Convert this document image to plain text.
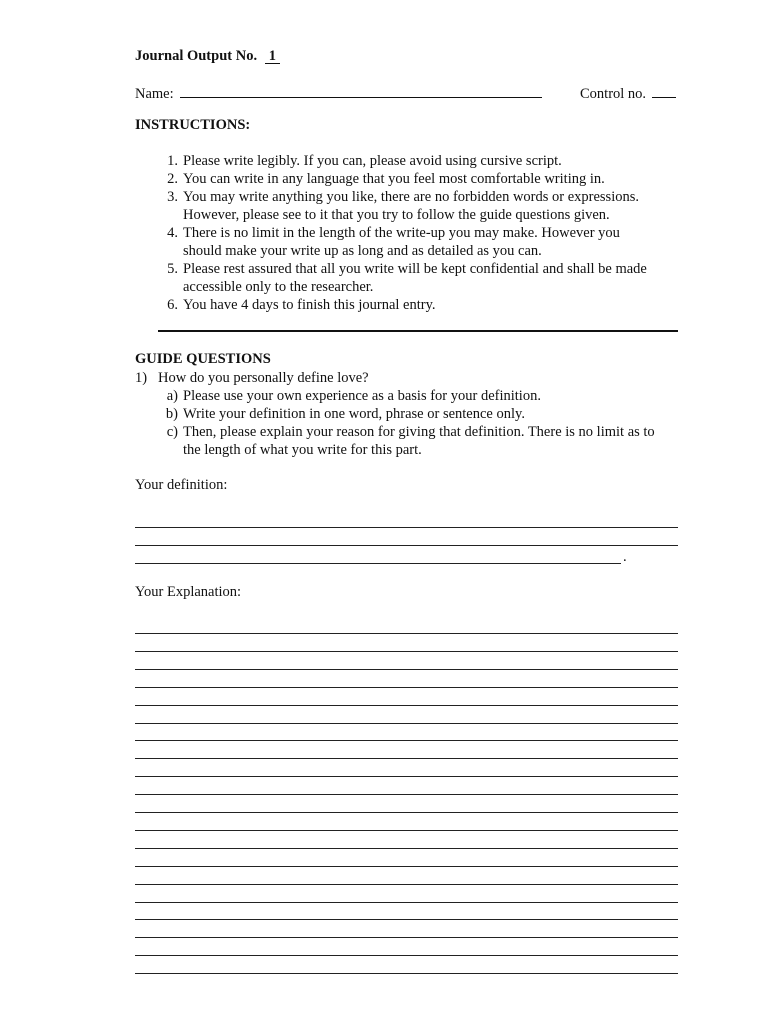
Journal Output No. 1
Name:	Control no.
INSTRUCTIONS:
1. Please write legibly. If you can, please avoid using cursive script.
2. You can write in any language that you feel most comfortable writing in.
3. You may write anything you like, there are no forbidden words or expressions.
However, please see to it that you try to follow the guide questions given.
4. There is no limit in the length of the write-up you may make. However you
should make your write up as long and as detailed as you can.
5. Please rest assured that all you write will be kept confidential and shall be made
accessible only to the researcher.
6. You have 4 days to finish this journal entry.
GUIDE QUESTIONS
1) How do you personally define love?
a) Please use your own experience as a basis for your definition.
b) Write your definition in one word, phrase or sentence only.
c) Then, please explain your reason for giving that definition. There is no limit as to
the length of what you write for this part.
Your definition:
.
Your Explanation:
